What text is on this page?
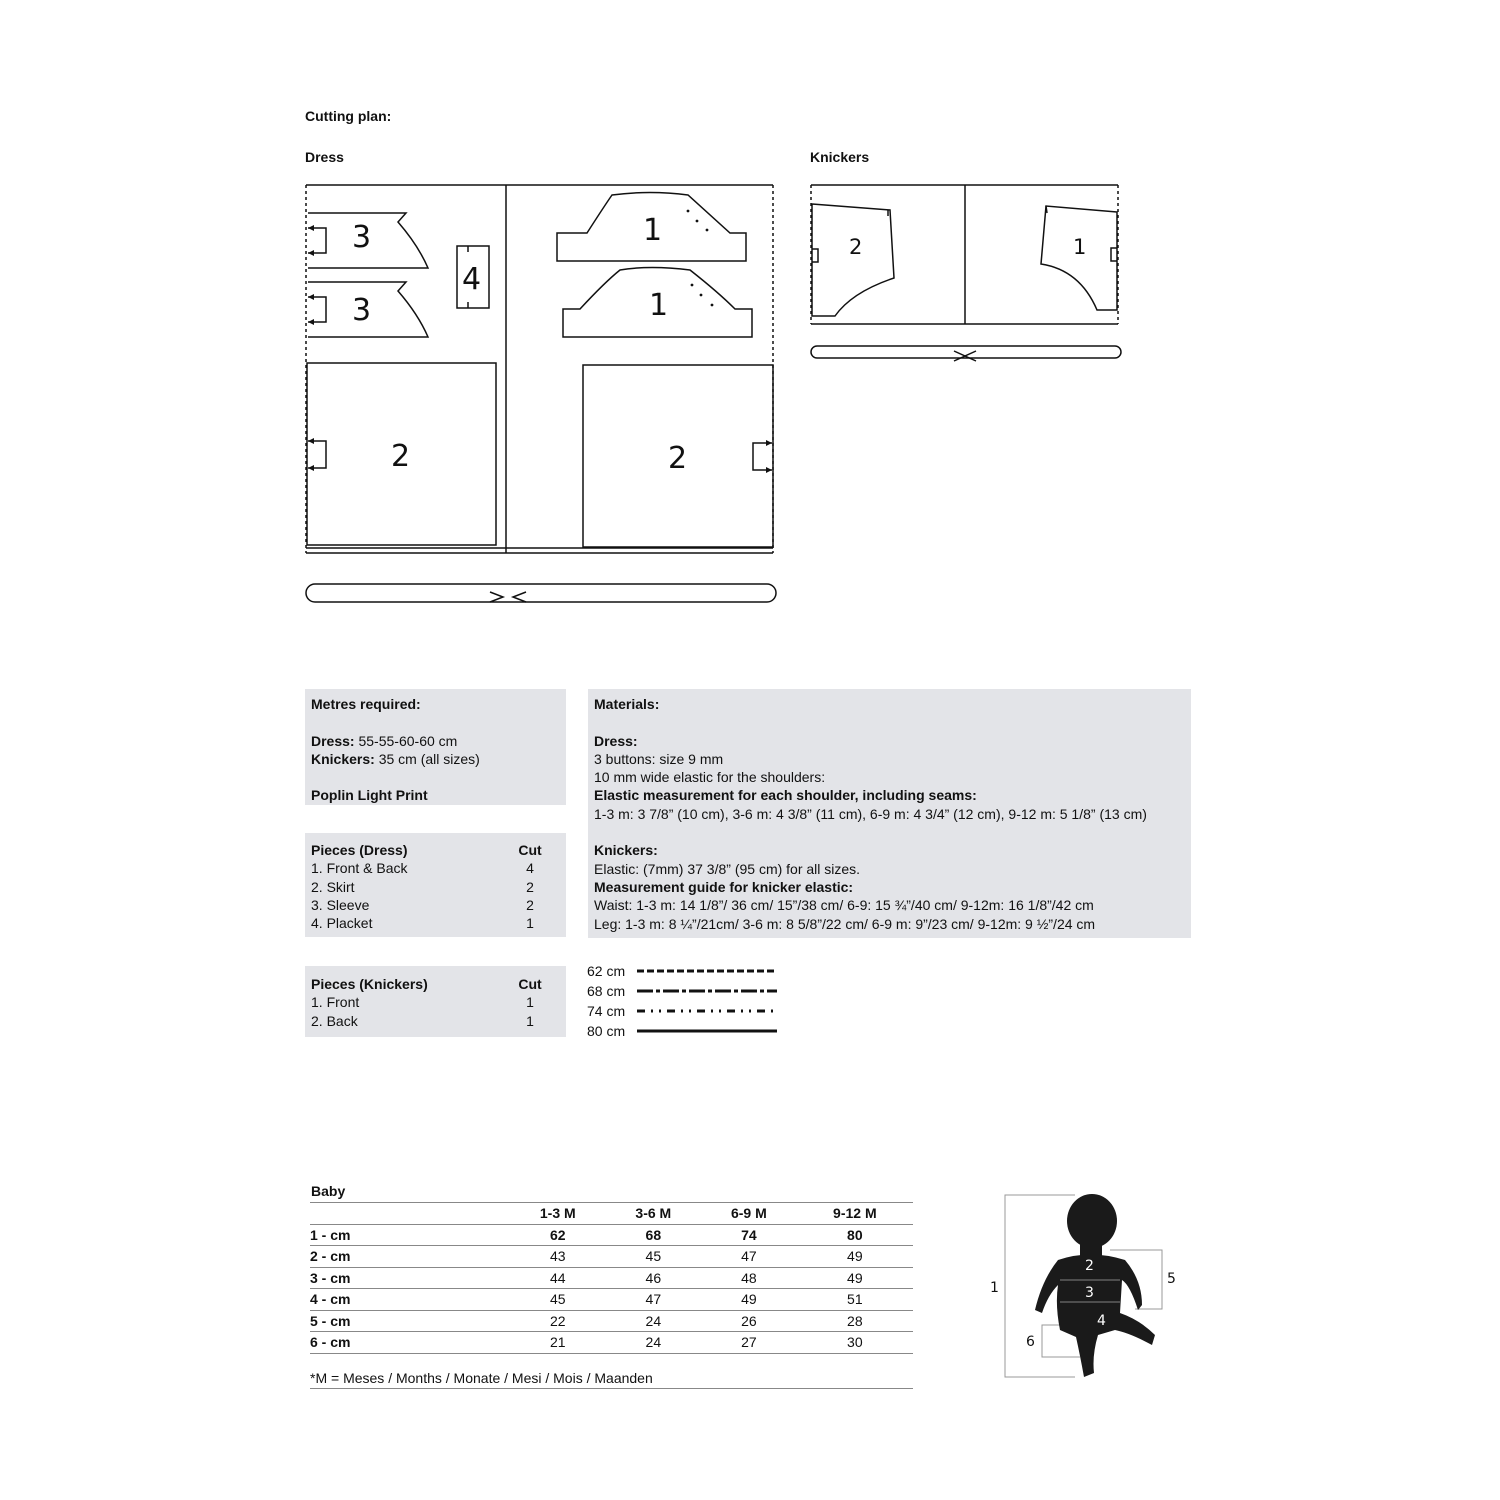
Cutting plan:
Dress	Knickers
3
3
4
1
1
2	2
2	1
Metres required:

Dress: 55-55-60-60 cm
Knickers: 35 cm (all sizes)

Poplin Light Print
Pieces (Dress)	Cut
1. Front & Back	4
2. Skirt	2
3. Sleeve	2
4. Placket	1
Pieces (Knickers)	Cut
1. Front	1
2. Back	1
Materials:

Dress:
3 buttons: size 9 mm
10 mm wide elastic for the shoulders:
Elastic measurement for each shoulder, including seams:
1-3 m: 3 7/8” (10 cm), 3-6 m: 4 3/8” (11 cm), 6-9 m: 4 3/4” (12 cm), 9-12 m: 5 1/8” (13 cm)

Knickers:
Elastic: (7mm) 37 3/8” (95 cm) for all sizes.
Measurement guide for knicker elastic:
Waist: 1-3 m: 14 1/8”/ 36 cm/ 15”/38 cm/ 6-9: 15 ¾”/40 cm/ 9-12m: 16 1/8”/42 cm
Leg: 1-3 m: 8 ¼”/21cm/ 3-6 m: 8 5/8”/22 cm/ 6-9 m: 9”/23 cm/ 9-12m: 9 ½”/24 cm
62 cm
68 cm
74 cm
80 cm
Baby
	1-3 M	3-6 M	6-9 M	9-12 M
1 - cm	62	68	74	80
2 - cm	43	45	47	49
3 - cm	44	46	48	49
4 - cm	45	47	49	51
5 - cm	22	24	26	28
6 - cm	21	24	27	30
*M = Meses / Months / Monate / Mesi / Mois / Maanden
1
2
3
4
5
6
